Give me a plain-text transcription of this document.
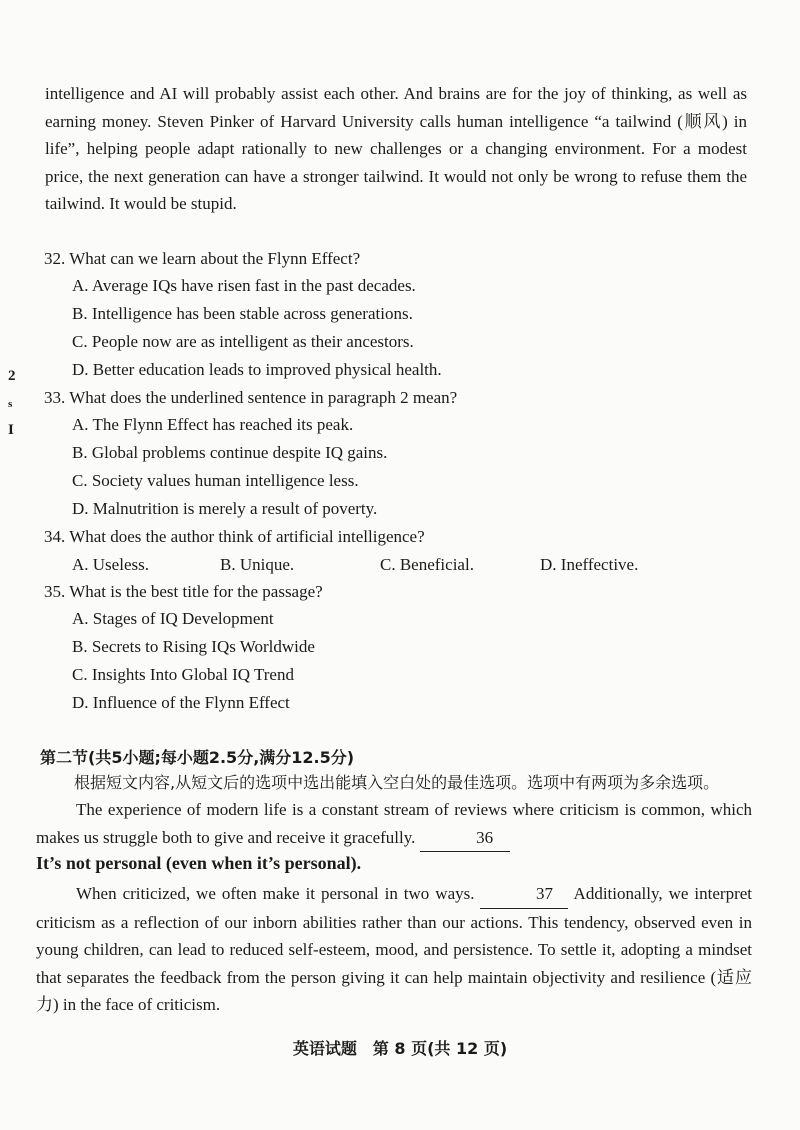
intelligence and AI will probably assist each other. And brains are for the joy of thinking, as well as earning money. Steven Pinker of Harvard University calls human intelligence “a tailwind (顺风) in life”, helping people adapt rationally to new challenges or a changing environment. For a modest price, the next generation can have a stronger tailwind. It would not only be wrong to refuse them the tailwind. It would be stupid.
32. What can we learn about the Flynn Effect?
A. Average IQs have risen fast in the past decades.
B. Intelligence has been stable across generations.
C. People now are as intelligent as their ancestors.
D. Better education leads to improved physical health.
2
s
I
33. What does the underlined sentence in paragraph 2 mean?
A. The Flynn Effect has reached its peak.
B. Global problems continue despite IQ gains.
C. Society values human intelligence less.
D. Malnutrition is merely a result of poverty.
34. What does the author think of artificial intelligence?
A. Useless.	B. Unique.	C. Beneficial.	D. Ineffective.
35. What is the best title for the passage?
A. Stages of IQ Development
B. Secrets to Rising IQs Worldwide
C. Insights Into Global IQ Trend
D. Influence of the Flynn Effect
第二节(共5小题;每小题2.5分,满分12.5分)
根据短文内容,从短文后的选项中选出能填入空白处的最佳选项。选项中有两项为多余选项。
The experience of modern life is a constant stream of reviews where criticism is common, which makes us struggle both to give and receive it gracefully.	36
It’s not personal (even when it’s personal).
When criticized, we often make it personal in two ways.	37 Additionally, we interpret criticism as a reflection of our inborn abilities rather than our actions. This tendency, observed even in young children, can lead to reduced self-esteem, mood, and persistence. To settle it, adopting a mindset that separates the feedback from the person giving it can help maintain objectivity and resilience (适应力) in the face of criticism.
英语试题　第 8 页(共 12 页)
